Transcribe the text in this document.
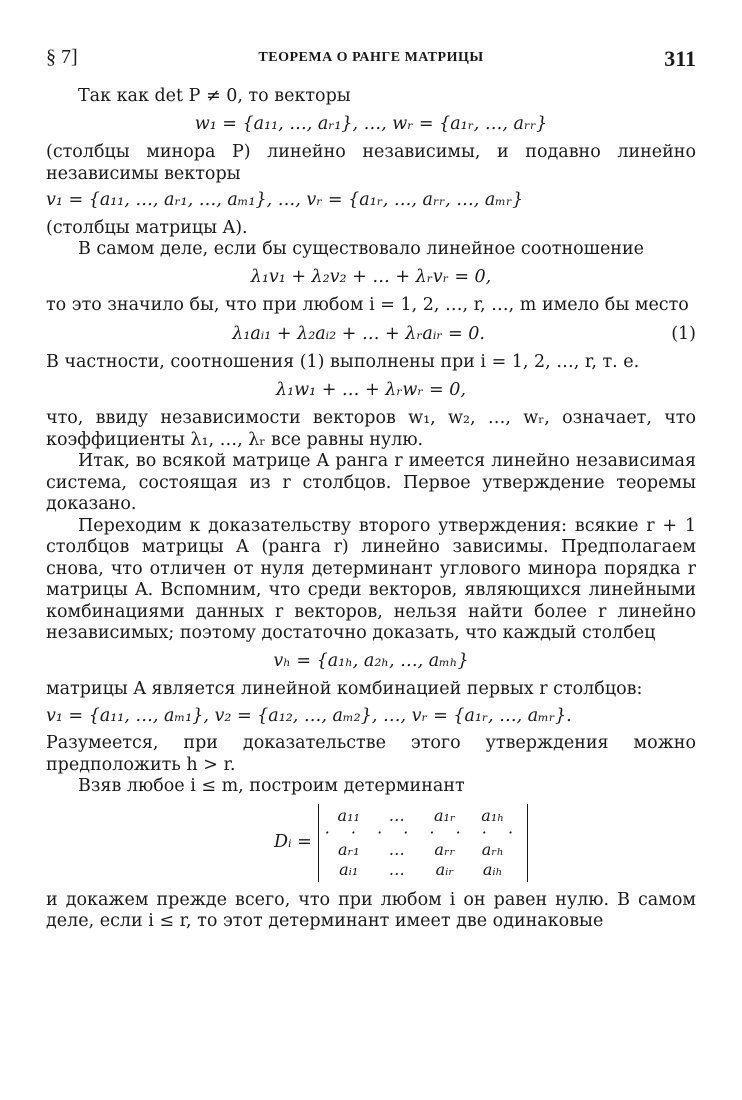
§ 7]	ТЕОРЕМА О РАНГЕ МАТРИЦЫ	311

Так как det P ≠ 0, то векторы

w₁ = {a₁₁, …, aᵣ₁}, …, wᵣ = {a₁ᵣ, …, aᵣᵣ}

(столбцы минора P) линейно независимы, и подавно линейно независимы векторы

v₁ = {a₁₁, …, aᵣ₁, …, aₘ₁}, …, vᵣ = {a₁ᵣ, …, aᵣᵣ, …, aₘᵣ}

(столбцы матрицы A).

В самом деле, если бы существовало линейное соотношение

λ₁v₁ + λ₂v₂ + … + λᵣvᵣ = 0,

то это значило бы, что при любом i = 1, 2, …, r, …, m имело бы место

λ₁aᵢ₁ + λ₂aᵢ₂ + … + λᵣaᵢᵣ = 0.	(1)

В частности, соотношения (1) выполнены при i = 1, 2, …, r, т. е.

λ₁w₁ + … + λᵣwᵣ = 0,

что, ввиду независимости векторов w₁, w₂, …, wᵣ, означает, что коэффициенты λ₁, …, λᵣ все равны нулю.

Итак, во всякой матрице A ранга r имеется линейно независимая система, состоящая из r столбцов. Первое утверждение теоремы доказано.

Переходим к доказательству второго утверждения: всякие r + 1 столбцов матрицы A (ранга r) линейно зависимы. Предполагаем снова, что отличен от нуля детерминант углового минора порядка r матрицы A. Вспомним, что среди векторов, являющихся линейными комбинациями данных r векторов, нельзя найти более r линейно независимых; поэтому достаточно доказать, что каждый столбец

vₕ = {a₁ₕ, a₂ₕ, …, aₘₕ}

матрицы A является линейной комбинацией первых r столбцов:

v₁ = {a₁₁, …, aₘ₁}, v₂ = {a₁₂, …, aₘ₂}, …, vᵣ = {a₁ᵣ, …, aₘᵣ}.

Разумеется, при доказательстве этого утверждения можно предположить h > r.

Взяв любое i ≤ m, построим детерминант

Dᵢ =
a₁₁	…	a₁ᵣ	a₁ₕ
· · · · · · · ·
aᵣ₁	…	aᵣᵣ	aᵣₕ
aᵢ₁	…	aᵢᵣ	aᵢₕ

и докажем прежде всего, что при любом i он равен нулю. В самом деле, если i ≤ r, то этот детерминант имеет две одинаковые
